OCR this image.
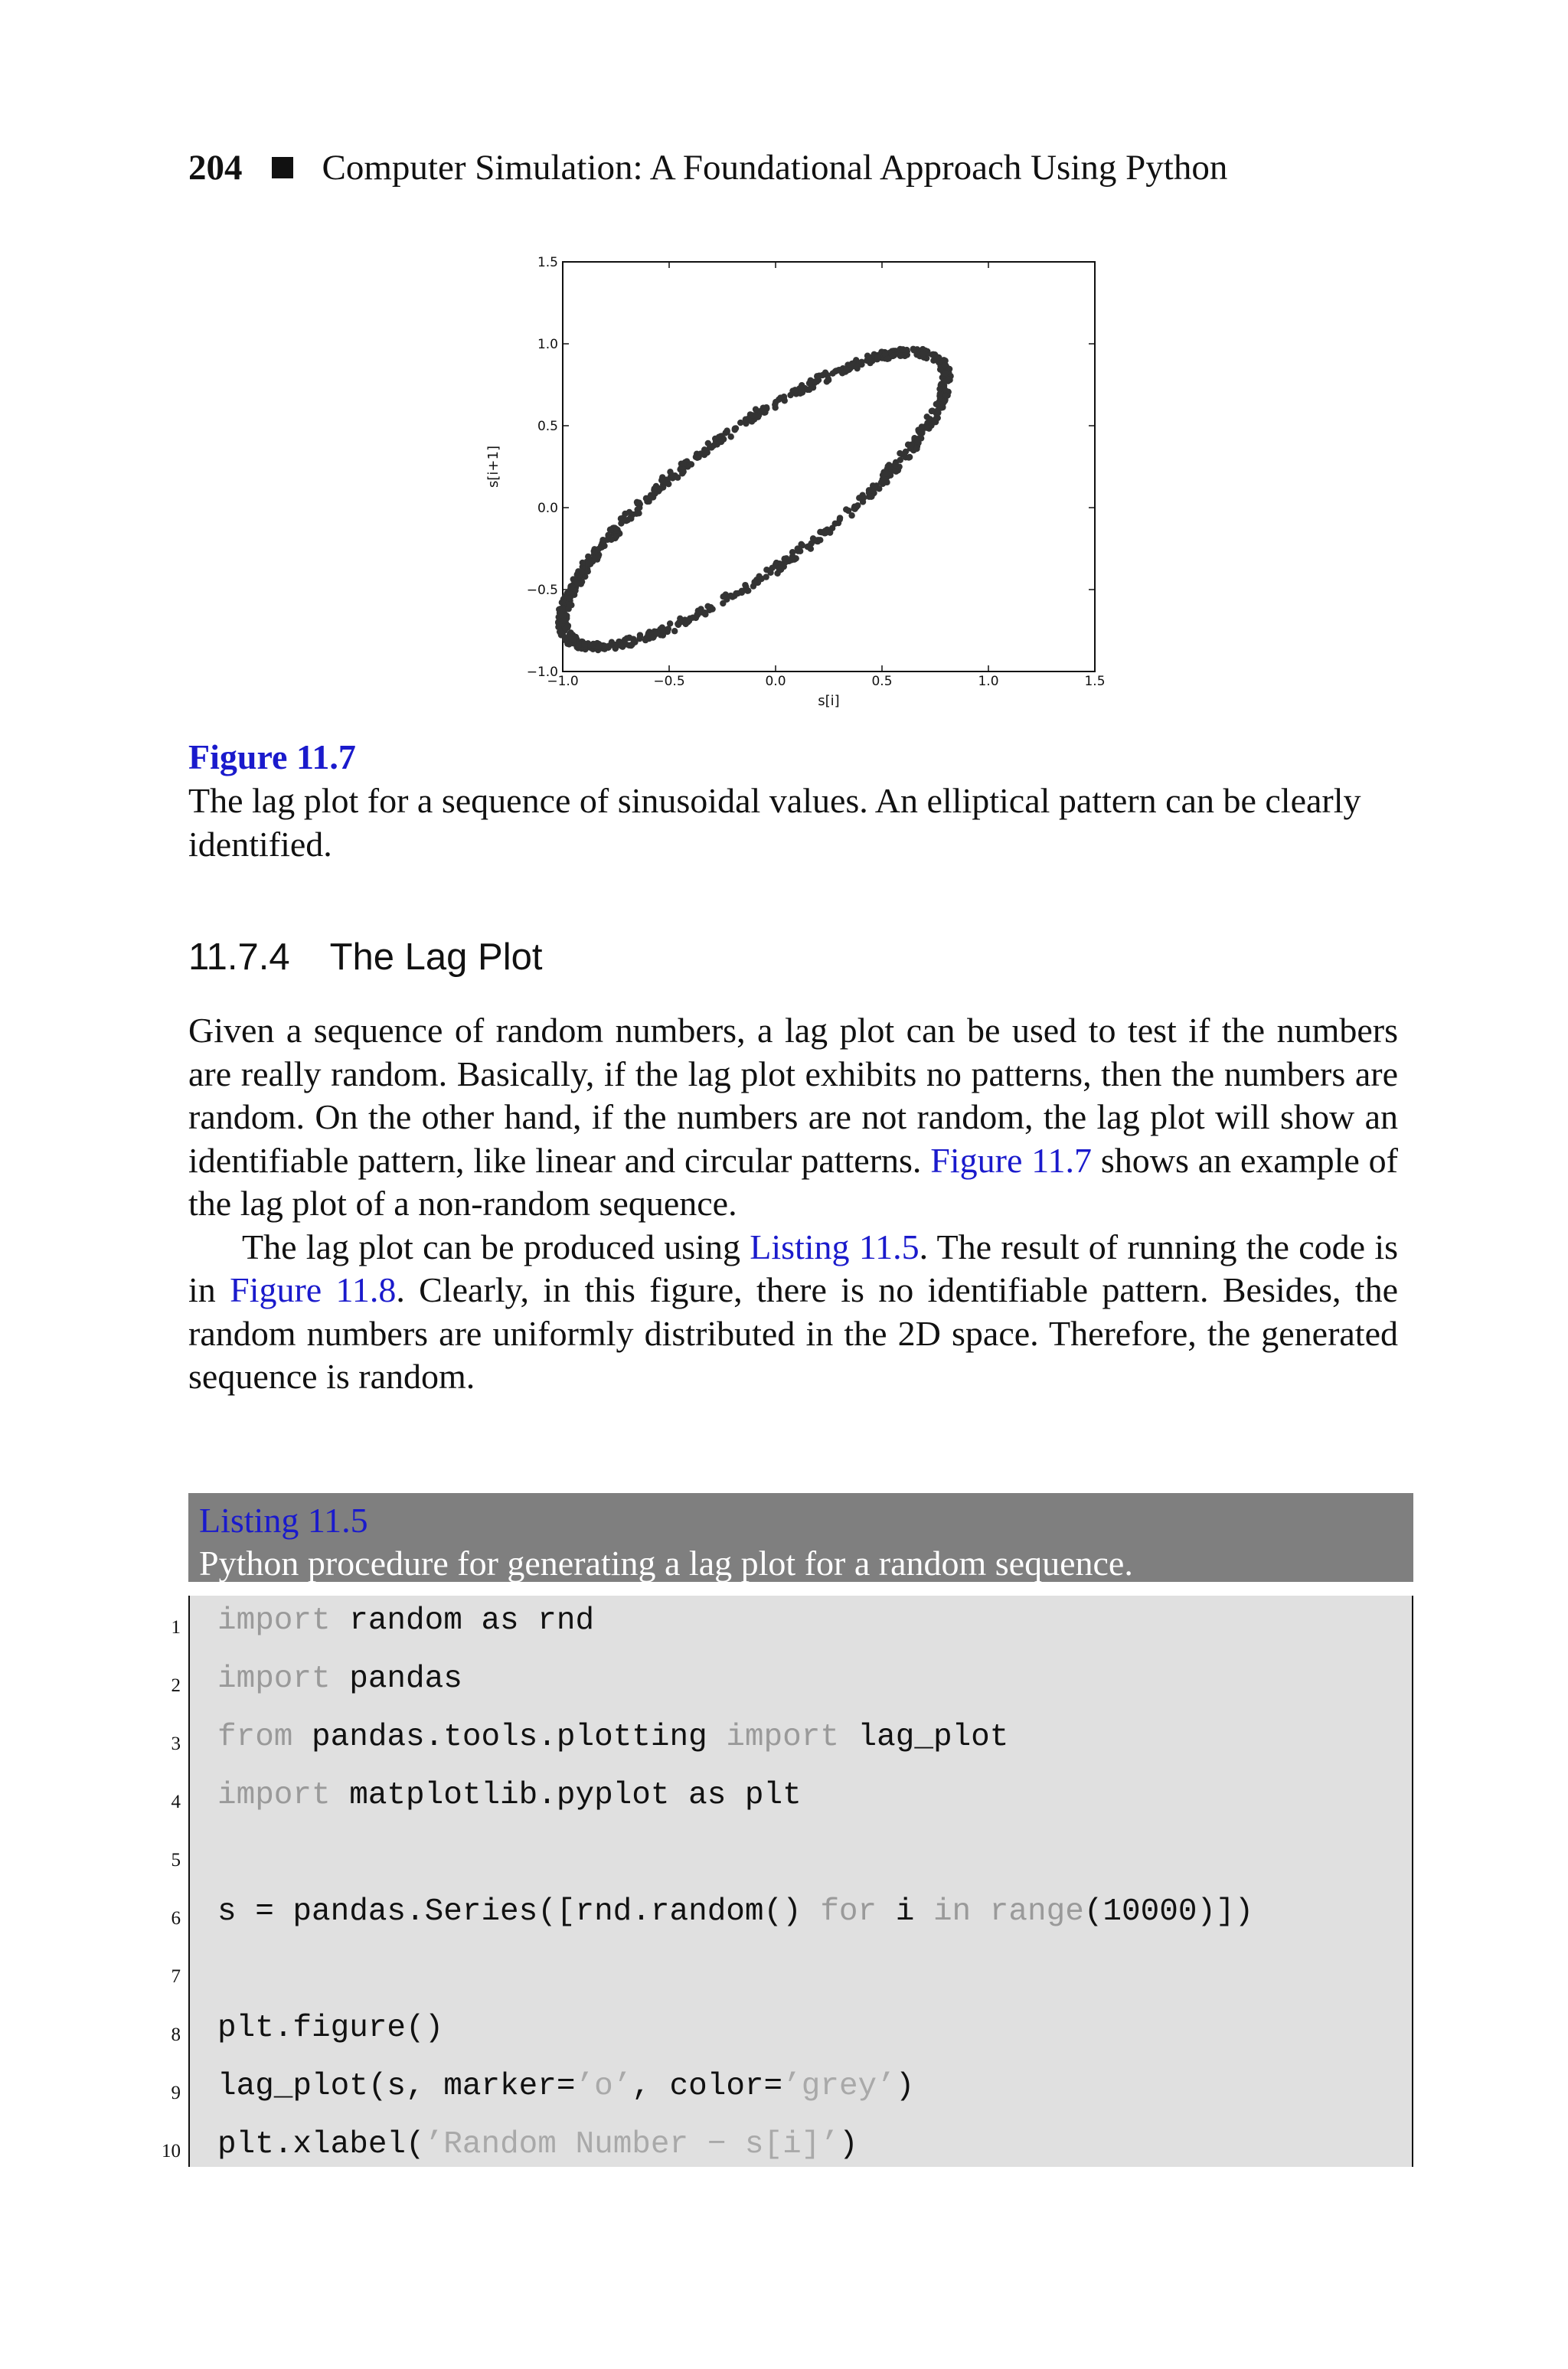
204 Computer Simulation: A Foundational Approach Using Python
−1.0
−1.0
−0.5
−0.5
0.0
0.0
0.5
0.5
1.0
1.0
1.5
1.5
s[i]
s[i+1]
Figure 11.7
The lag plot for a sequence of sinusoidal values. An elliptical pattern can be clearly identified.
11.7.4 The Lag Plot

Given a sequence of random numbers, a lag plot can be used to test if the numbers are really random. Basically, if the lag plot exhibits no patterns, then the numbers are random. On the other hand, if the numbers are not random, the lag plot will show an identifiable pattern, like linear and circular patterns. Figure 11.7 shows an example of the lag plot of a non-random sequence.

The lag plot can be produced using Listing 11.5. The result of running the code is in Figure 11.8. Clearly, in this figure, there is no identifiable pattern. Besides, the random numbers are uniformly distributed in the 2D space. Therefore, the generated sequence is random.

Listing 11.5
Python procedure for generating a lag plot for a random sequence.
1 import random as rnd
2 import pandas
3 from pandas.tools.plotting import lag_plot
4 import matplotlib.pyplot as plt
5
6 s = pandas.Series([rnd.random() for i in range(10000)])
7
8 plt.figure()
9 lag_plot(s, marker=’o’, color=’grey’)
10 plt.xlabel(’Random Number − s[i]’)
